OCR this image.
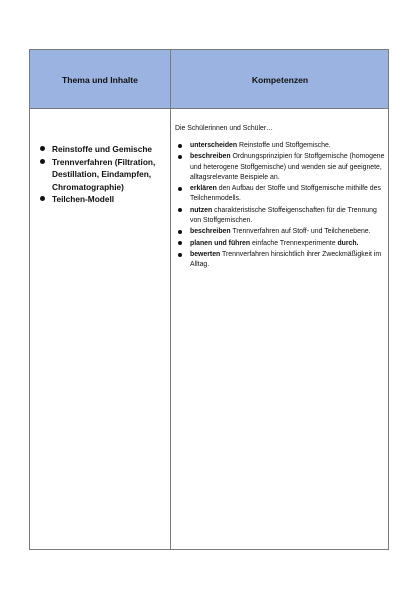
Thema und Inhalte	Kompetenzen
Reinstoffe und Gemische
Trennverfahren (Filtration, Destillation, Eindampfen, Chromatographie)
Teilchen-Modell
Die Schülerinnen und Schüler…
unterscheiden Reinstoffe und Stoffgemische.
beschreiben Ordnungsprinzipien für Stoffgemische (homogene und heterogene Stoffgemische) und wenden sie auf geeignete, alltagsrelevante Beispiele an.
erklären den Aufbau der Stoffe und Stoffgemische mithilfe des Teilchenmodells.
nutzen charakteristische Stoffeigenschaften für die Trennung von Stoffgemischen.
beschreiben Trennverfahren auf Stoff- und Teilchenebene.
planen und führen einfache Trennexperimente durch.
bewerten Trennverfahren hinsichtlich ihrer Zweckmäßigkeit im Alltag.
